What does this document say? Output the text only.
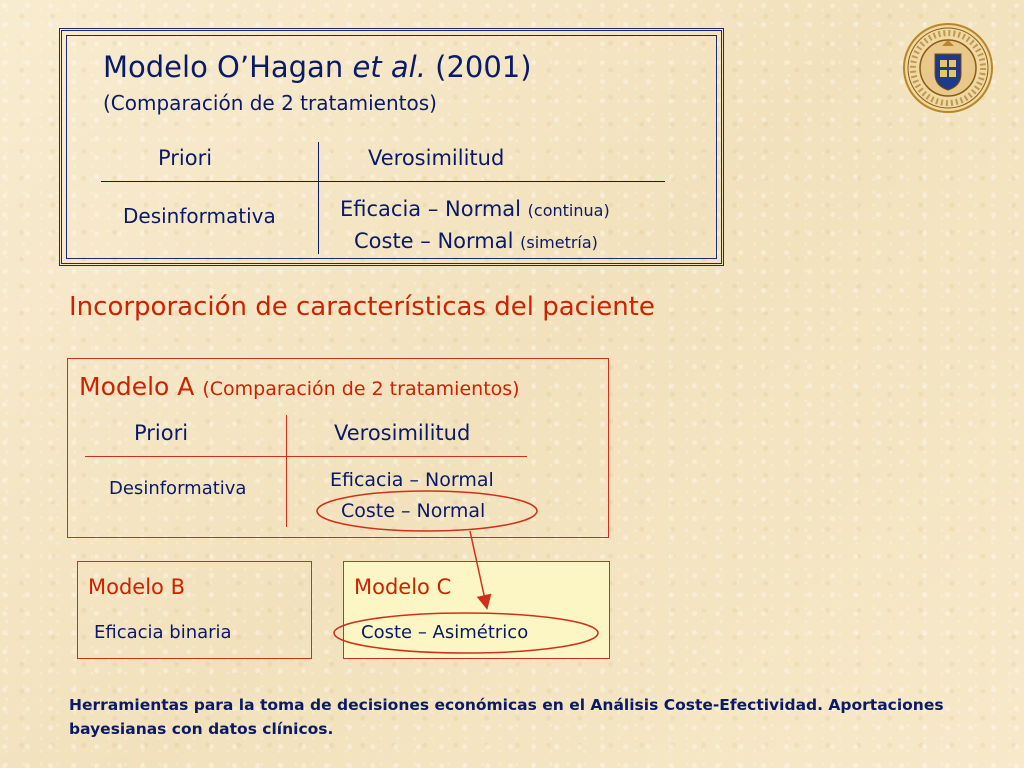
Modelo O’Hagan et al. (2001)
(Comparación de 2 tratamientos)
Priori	Verosimilitud
Desinformativa	Eficacia – Normal (continua)
Coste – Normal (simetría)
Incorporación de características del paciente
Modelo A (Comparación de 2 tratamientos)
Priori	Verosimilitud
Desinformativa	Eficacia – Normal
Coste – Normal
Modelo B
Eficacia binaria
Modelo C
Coste – Asimétrico
Herramientas para la toma de decisiones económicas en el Análisis Coste-Efectividad. Aportaciones bayesianas con datos clínicos.
